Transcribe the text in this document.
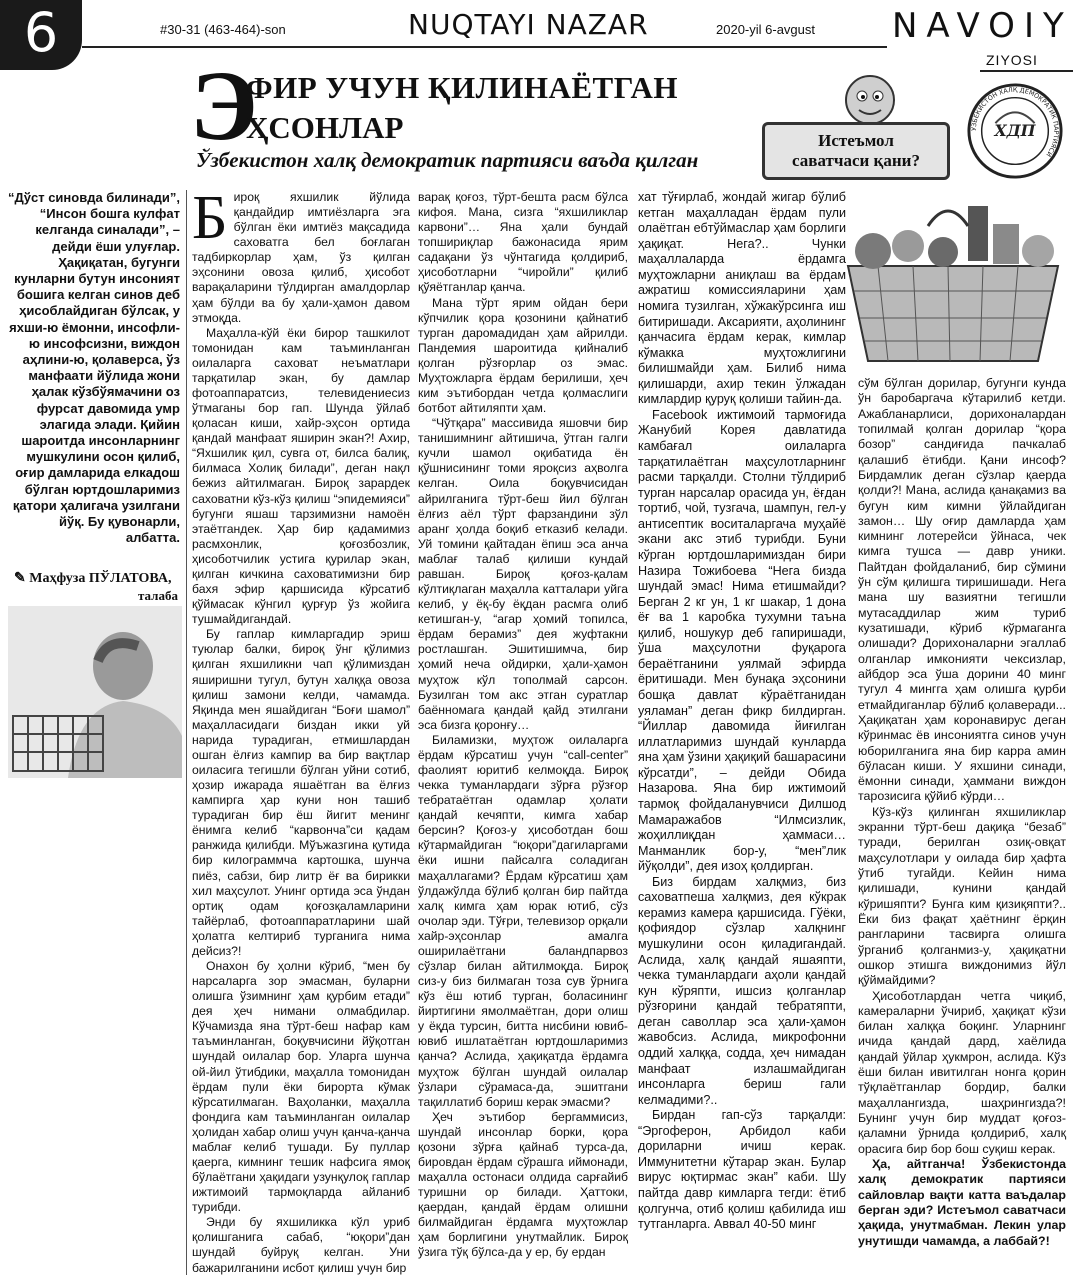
6	#30-31 (463-464)-son	NUQTAYI NAZAR	2020-yil 6-avgust NAVOIY
ZIYOSI
Э
ФИР УЧУН ҚИЛИНАЁТГАН
ҲСОНЛАР
Ўзбекистон халқ демократик партияси ваъда қилган
Истеъмол
саватчаси қани?
ХДП
ЎЗБЕКИСТОН ХАЛҚ ДЕМОКРАТИК ПАРТИЯСИ
“Дўст синовда билинади”, “Инсон бошга кулфат келганда синалади”, – дейди ёши улуғлар. Ҳақиқатан, бугунги кунларни бутун инсоният бошига келган синов деб ҳисоблайдиган бўлсак, у яхши-ю ёмонни, инсофли-ю инсофсизни, виждон аҳлини-ю, қолаверса, ўз манфаати йўлида жони ҳалак кўзбўямачини оз фурсат давомида умр элагида элади. Қийин шароитда инсонларнинг мушкулини осон қилиб, оғир дамларида елкадош бўлган юртдошларимиз қатори ҳалигача узилгани йўқ. Бу қувонарли, албатта.
✎ Маҳфуза ПЎЛАТОВА,
талаба

Бироқ яхшилик йўлида қандайдир имтиёзларга эга бўлган ёки имтиёз мақсадида саховатга бел боғлаган тадбиркорлар ҳам, ўз қилган эҳсонини овоза қилиб, ҳисобот варақаларини тўлдирган амалдорлар ҳам бўлди ва бу ҳали-ҳамон давом этмоқда.

Маҳалла-кўй ёки бирор ташкилот томонидан кам таъминланган оилаларга саховат неъматлари тарқатилар экан, бу дамлар фотоаппаратсиз, телевидениесиз ўтмаганы бор гап. Шунда ўйлаб қоласан киши, хайр-эҳсон ортида қандай манфаат яширин экан?! Ахир, “Яхшилик қил, сувга от, билса балиқ, билмаса Холиқ билади”, деган нақл бежиз айтилмаган. Бироқ зарардек саховатни кўз-кўз қилиш “эпидемияси” бугунги яшаш тарзимизни намоён этаётгандек. Ҳар бир қадамимиз расмхонлик, қоғозбозлик, ҳисоботчилик устига қурилар экан, қилган кичкина саховатимизни бир бахя эфир қаршисида кўрсатиб қўймасак кўнгил қурғур ўз жойига тушмайдигандай.

Бу гаплар кимларгадир эриш туюлар балки, бироқ ўнг қўлимиз қилган яхшиликни чап қўлимиздан яширишни тугул, бутун халққа овоза қилиш замони келди, чамамда. Яқинда мен яшайдиган “Боғи шамол” маҳалласидаги биздан икки уй нарида турадиган, етмишлардан ошган ёлғиз кампир ва бир вақтлар оиласига тегишли бўлган уйни сотиб, ҳозир ижарада яшаётган ва ёлғиз кампирга ҳар куни нон ташиб турадиган бир ёш йигит менинг ёнимга келиб “карвонча”си қадам ранжида қилибди. Мўъжазгина қутида бир килограммча картошка, шунча пиёз, сабзи, бир литр ёғ ва бирикки хил маҳсулот. Унинг ортида эса ўндан ортиқ одам қоғозқаламларини тайёрлаб, фотоаппаратларини шай ҳолатга келтириб турганига нима дейсиз?!

Онахон бу ҳолни кўриб, “мен бу нарсаларга зор эмасман, буларни олишга ўзимнинг ҳам қурбим етади” дея ҳеч нимани олмабдилар. Кўчамизда яна тўрт-беш нафар кам таъминланган, боқувчисини йўқотган шундай оилалар бор. Уларга шунча ой-йил ўтибдики, маҳалла томонидан ёрдам пули ёки бирорта кўмак кўрсатилмаган. Ваҳоланки, маҳалла фондига кам таъминланган оилалар ҳолидан хабар олиш учун қанча-қанча маблағ келиб тушади. Бу пуллар қаерга, кимнинг тешик нафсига ямоқ бўлаётгани ҳақидаги узунқулоқ гаплар ижтимоий тармоқларда айланиб турибди.

Энди бу яхшиликка кўл уриб қолишганига сабаб, “юқори”дан шундай буйруқ келган. Уни бажарилганини исбот қилиш учун бир

варақ қоғоз, тўрт-бешта расм бўлса кифоя. Мана, сизга “яхшиликлар карвони”… Яна ҳали бундай топшириқлар бажонасида ярим садақани ўз чўнтагида қолдириб, ҳисоботларни “чиройли” қилиб қўяётганлар қанча.

Мана тўрт ярим ойдан бери кўпчилик қора қозонини қайнатиб турган даромадидан ҳам айрилди. Пандемия шароитида қийналиб қолган рўзғорлар оз эмас. Муҳтожларга ёрдам берилиши, ҳеч ким эътибордан четда қолмаслиги ботбот айтиляпти ҳам.

“Чўтқара” массивида яшовчи бир танишимнинг айтишича, ўтган галги кучли шамол оқибатида ён қўшнисининг томи яроқсиз аҳволга келган. Оила боқувчисидан айрилганига тўрт-беш йил бўлган ёлғиз аёл тўрт фарзандини зўл аранг ҳолда боқиб етказиб келади. Уй томини қайтадан ёпиш эса анча маблағ талаб қилиши кундай равшан. Бироқ қоғоз-қалам кўлтиқлаган маҳалла катталари уйга келиб, у ёқ-бу ёқдан расмга олиб кетишган-у, “агар ҳомий топилса, ёрдам берамиз” дея жуфтакни ростлашган. Эшитишимча, бир ҳомий неча ойдирки, ҳали-ҳамон муҳтож кўл тополмай сарсон. Бузилган том акс этган суратлар баённомага қандай қайд этилгани эса бизга қоронғу…

Биламизки, муҳтож оилаларга ёрдам кўрсатиш учун “call-center” фаолият юритиб келмоқда. Бироқ чекка туманлардаги зўрға рўзғор тебратаётган одамлар ҳолати қандай кечяпти, кимга хабар берсин? Қоғоз-у ҳисоботдан бош кўтармайдиган “юқори”дагиларгами ёки ишни пайсалга соладиган маҳаллагами? Ёрдам кўрсатиш ҳам ўлдажўлда бўлиб қолган бир пайтда халқ кимга ҳам юрак ютиб, сўз очолар эди. Тўғри, телевизор орқали хайр-эҳсонлар амалга оширилаётгани баландпарвоз сўзлар билан айтилмоқда. Бироқ сиз-у биз билмаган тоза сув ўрнига кўз ёш ютиб турган, боласининг йиртигини ямолмаётган, дори олиш у ёқда турсин, битта нисбини ювиб-ювиб ишлатаётган юртдошларимиз қанча? Аслида, ҳақиқатда ёрдамга муҳтож бўлган шундай оилалар ўзлари сўрамаса-да, эшитгани тақиллатиб бориш керак эмасми?

Ҳеч эътибор бергаммисиз, шундай инсонлар борки, қора қозони зўрға қайнаб турса-да, бировдан ёрдам сўрашга иймонади, маҳалла остонаси олдида сарғайиб туришни ор билади. Ҳаттоки, қаердан, қандай ёрдам олишни билмайдиган ёрдамга муҳтожлар ҳам борлигини унутмайлик. Бироқ ўзига тўқ бўлса-да у ер, бу ердан

хат тўғирлаб, жондай жигар бўлиб кетган маҳалладан ёрдам пули олаётган ебтўймаслар ҳам борлиги ҳақиқат. Нега?.. Чунки маҳаллаларда ёрдамга муҳтожларни аниқлаш ва ёрдам ажратиш комиссияларини ҳам номига тузилган, хўжакўрсинга иш битиришади. Аксарияти, аҳолининг қанчасига ёрдам керак, кимлар кўмакка муҳтожлигини билишмайди ҳам. Билиб нима қилишарди, ахир текин ўлжадан кимлардир қуруқ қолиши тайин-да.

Facebook ижтимоий тармоғида Жанубий Корея давлатида камбағал оилаларга тарқатилаётган маҳсулотларнинг расми тарқалди. Столни тўлдириб турган нарсалар орасида ун, ёғдан тортиб, чой, тузгача, шампун, гел-у антисептик воситаларгача муҳайё экани акс этиб турибди. Буни кўрган юртдошларимиздан бири Назира Тожибоева “Нега бизда шундай эмас! Нима етишмайди? Берган 2 кг ун, 1 кг шакар, 1 дона ёғ ва 1 каробка тухумни таъна қилиб, ношукур деб гапиришади, ўша маҳсулотни фуқарога бераётганини уялмай эфирда ёритишади. Мен бунақа эҳсонини бошқа давлат кўраётганидан уяламан” деган фикр билдирган. “Йиллар давомида йиғилган иллатларимиз шундай кунларда яна ҳам ўзини ҳақиқий башарасини кўрсатди”, – дейди Обида Назарова. Яна бир ижтимоий тармоқ фойдаланувчиси Дилшод Мамаражабов “Илмсизлик, жоҳиллиқдан ҳаммаси… Манманлик бор-у, “мен”лик йўқолди”, дея изоҳ қолдирган.

Биз бирдам халқмиз, биз саховатпеша халқмиз, дея кўкрак керамиз камера қаршисида. Гўёки, қофиядор сўзлар халқнинг мушкулини осон қиладигандай. Аслида, халқ қандай яшаяпти, чекка туманлардаги аҳоли қандай кун кўряпти, ишсиз қолганлар рўзғорини қандай тебратяпти, деган саволлар эса ҳали-ҳамон жавобсиз. Аслида, микрофонни оддий халққа, содда, ҳеч нимадан манфаат излашмайдиган инсонларга бериш гали келмадими?..

Бирдан гап-сўз тарқалди: “Эргоферон, Арбидол каби дориларни ичиш керак. Иммунитетни кўтарар экан. Булар вирус юқтирмас экан” каби. Шу пайтда давр кимларга тегди: ётиб қолгунча, отиб қолиш қабилида иш тутганларга. Аввал 40-50 минг

сўм бўлган дорилар, бугунги кунда ўн баробаргача кўтарилиб кетди. Ажабланарлиси, дорихоналардан топилмай қолган дорилар “қора бозор” сандиғида пачкалаб қалашиб ётибди. Қани инсоф? Бирдамлик деган сўзлар қаерда қолди?! Мана, аслида қанақамиз ва бугун ким кимни ўйлайдиган замон… Шу оғир дамларда ҳам кимнинг лотерейси ўйнаса, чек кимга тушса — давр уники. Пайтдан фойдаланиб, бир сўмини ўн сўм қилишга тиришишади. Нега мана шу вазиятни тегишли мутасаддилар жим туриб кузатишади, кўриб кўрмаганга олишади? Дорихоналарни эгаллаб олганлар имконияти чексизлар, айбдор эса ўша дорини 40 минг тугул 4 мингга ҳам олишга қурби етмайдиганлар бўлиб қолаверади... Ҳақиқатан ҳам коронавирус деган кўринмас ёв инсониятга синов учун юборилганига яна бир карра амин бўласан киши. У яхшини синади, ёмонни синади, ҳаммани виждон тарозисига қўйиб кўрди…

Кўз-кўз қилинган яхшиликлар экранни тўрт-беш дақиқа “безаб” туради, берилган озиқ-овқат маҳсулотлари у оилада бир ҳафта ўтиб тугайди. Кейин нима қилишади, кунини қандай кўришяпти? Бунга ким қизиқяпти?.. Ёки биз фақат ҳаётнинг ёрқин рангларини тасвирга олишга ўрганиб қолганмиз-у, ҳақиқатни ошкор этишга виждонимиз йўл қўймайдими?

Ҳисоботлардан четга чиқиб, камераларни ўчириб, ҳақиқат кўзи билан халққа боқинг. Уларнинг ичида қандай дард, хаёлида қандай ўйлар ҳукмрон, аслида. Кўз ёши билан ивитилган нонга қорин тўқлаётганлар бордир, балки маҳаллангизда, шаҳрингизда?! Бунинг учун бир муддат қоғоз-қаламни ўрнида қолдириб, халқ орасига бир бор бош суқиш керак.

Ҳа, айтганча! Ўзбекистонда халқ демократик партияси сайловлар вақти катта ваъдалар берган эди? Истеъмол саватчаси ҳақида, унутмабман. Лекин улар унутишди чамамда, а лаббай?!
